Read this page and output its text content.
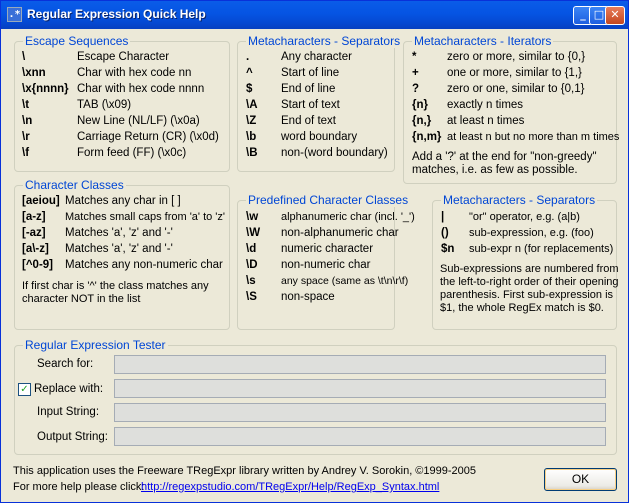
.* Regular Expression Quick Help	_ □ ✕
Escape Sequences
\	Escape Character
\xnn	Char with hex code nn
\x{nnnn} Char with hex code nnnn
\t	TAB (\x09)
\n	New Line (NL/LF) (\x0a)
\r	Carriage Return (CR) (\x0d)
\f	Form feed (FF) (\x0c)
Metacharacters - Separators
.	Any character
^ Start of line
$ End of line
\A Start of text
\Z End of text
\b word boundary
\B non-(word boundary)
Metacharacters - Iterators
*	zero or more, similar to {0,}
+ one or more, similar to {1,}
? zero or one, similar to {0,1}
{n} exactly n times
{n,} at least n times
{n,m} at least n but no more than m times
Add a '?' at the end for "non-greedy"
matches, i.e. as few as possible.
Character Classes
[aeiou] Matches any char in [ ]
[a-z] Matches small caps from 'a' to 'z'
[-az] Matches 'a', 'z' and '-'
[a\-z] Matches 'a', 'z' and '-'
[^0-9] Matches any non-numeric char
If first char is '^' the class matches any
character NOT in the list
Predefined Character Classes
\w alphanumeric char (incl. '_')
\W non-alphanumeric char
\d numeric character
\D non-numeric char
\s any space (same as \t\n\r\f)
\S non-space
Metacharacters - Separators
| "or" operator, e.g. (a|b)
() sub-expression, e.g. (foo)
$n sub-expr n (for replacements)
Sub-expressions are numbered from
the left-to-right order of their opening
parenthesis. First sub-expression is
$1, the whole RegEx match is $0.
Regular Expression Tester
Search for:
✓ Replace with:
Input String:
Output String:
This application uses the Freeware TRegExpr library written by Andrey V. Sorokin, ©1999-2005
For more help please click:
http://regexpstudio.com/TRegExpr/Help/RegExp_Syntax.html
OK
